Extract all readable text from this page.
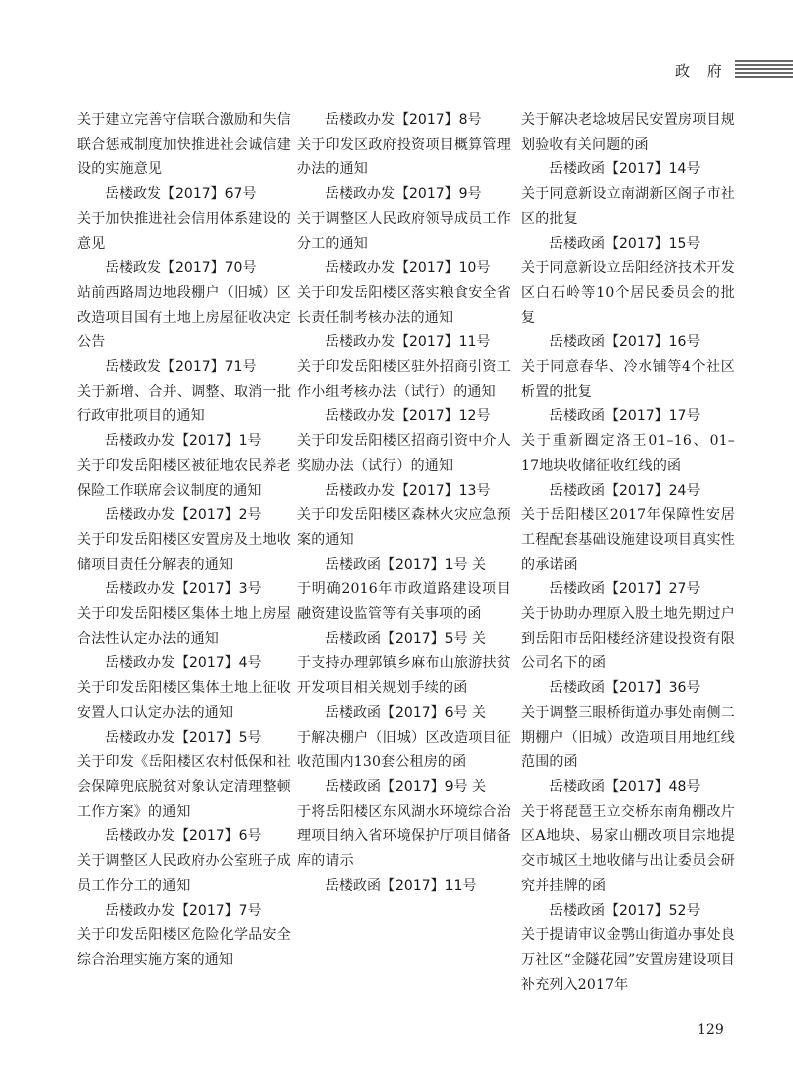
政 府
关于建立完善守信联合激励和失信联合惩戒制度加快推进社会诚信建设的实施意见
岳楼政发【2017】67号
关于加快推进社会信用体系建设的意见
岳楼政发【2017】70号
站前西路周边地段棚户（旧城）区改造项目国有土地上房屋征收决定公告
岳楼政发【2017】71号
关于新增、合并、调整、取消一批行政审批项目的通知
岳楼政办发【2017】1号
关于印发岳阳楼区被征地农民养老保险工作联席会议制度的通知
岳楼政办发【2017】2号
关于印发岳阳楼区安置房及土地收储项目责任分解表的通知
岳楼政办发【2017】3号
关于印发岳阳楼区集体土地上房屋合法性认定办法的通知
岳楼政办发【2017】4号
关于印发岳阳楼区集体土地上征收安置人口认定办法的通知
岳楼政办发【2017】5号
关于印发《岳阳楼区农村低保和社会保障兜底脱贫对象认定清理整顿工作方案》的通知
岳楼政办发【2017】6号
关于调整区人民政府办公室班子成员工作分工的通知
岳楼政办发【2017】7号
关于印发岳阳楼区危险化学品安全综合治理实施方案的通知
岳楼政办发【2017】8号
关于印发区政府投资项目概算管理办法的通知
岳楼政办发【2017】9号
关于调整区人民政府领导成员工作分工的通知
岳楼政办发【2017】10号
关于印发岳阳楼区落实粮食安全省长责任制考核办法的通知
岳楼政办发【2017】11号
关于印发岳阳楼区驻外招商引资工作小组考核办法（试行）的通知
岳楼政办发【2017】12号
关于印发岳阳楼区招商引资中介人奖励办法（试行）的通知
岳楼政办发【2017】13号
关于印发岳阳楼区森林火灾应急预案的通知
岳楼政函【2017】1号 关
于明确2016年市政道路建设项目融资建设监管等有关事项的函
岳楼政函【2017】5号 关
于支持办理郭镇乡麻布山旅游扶贫开发项目相关规划手续的函
岳楼政函【2017】6号 关
于解决棚户（旧城）区改造项目征收范围内130套公租房的函
岳楼政函【2017】9号 关
于将岳阳楼区东风湖水环境综合治理项目纳入省环境保护厅项目储备库的请示
岳楼政函【2017】11号
关于解决老埝坡居民安置房项目规划验收有关问题的函
岳楼政函【2017】14号
关于同意新设立南湖新区阁子市社区的批复
岳楼政函【2017】15号
关于同意新设立岳阳经济技术开发区白石岭等10个居民委员会的批复
岳楼政函【2017】16号
关于同意春华、冷水铺等4个社区析置的批复
岳楼政函【2017】17号
关于重新圈定洛王01–16、01–17地块收储征收红线的函
岳楼政函【2017】24号
关于岳阳楼区2017年保障性安居工程配套基础设施建设项目真实性的承诺函
岳楼政函【2017】27号
关于协助办理原入股土地先期过户到岳阳市岳阳楼经济建设投资有限公司名下的函
岳楼政函【2017】36号
关于调整三眼桥街道办事处南侧二期棚户（旧城）改造项目用地红线范围的函
岳楼政函【2017】48号
关于将琵琶王立交桥东南角棚改片区A地块、易家山棚改项目宗地提交市城区土地收储与出让委员会研究并挂牌的函
岳楼政函【2017】52号
关于提请审议金鹗山街道办事处良万社区“金隧花园”安置房建设项目补充列入2017年
129
